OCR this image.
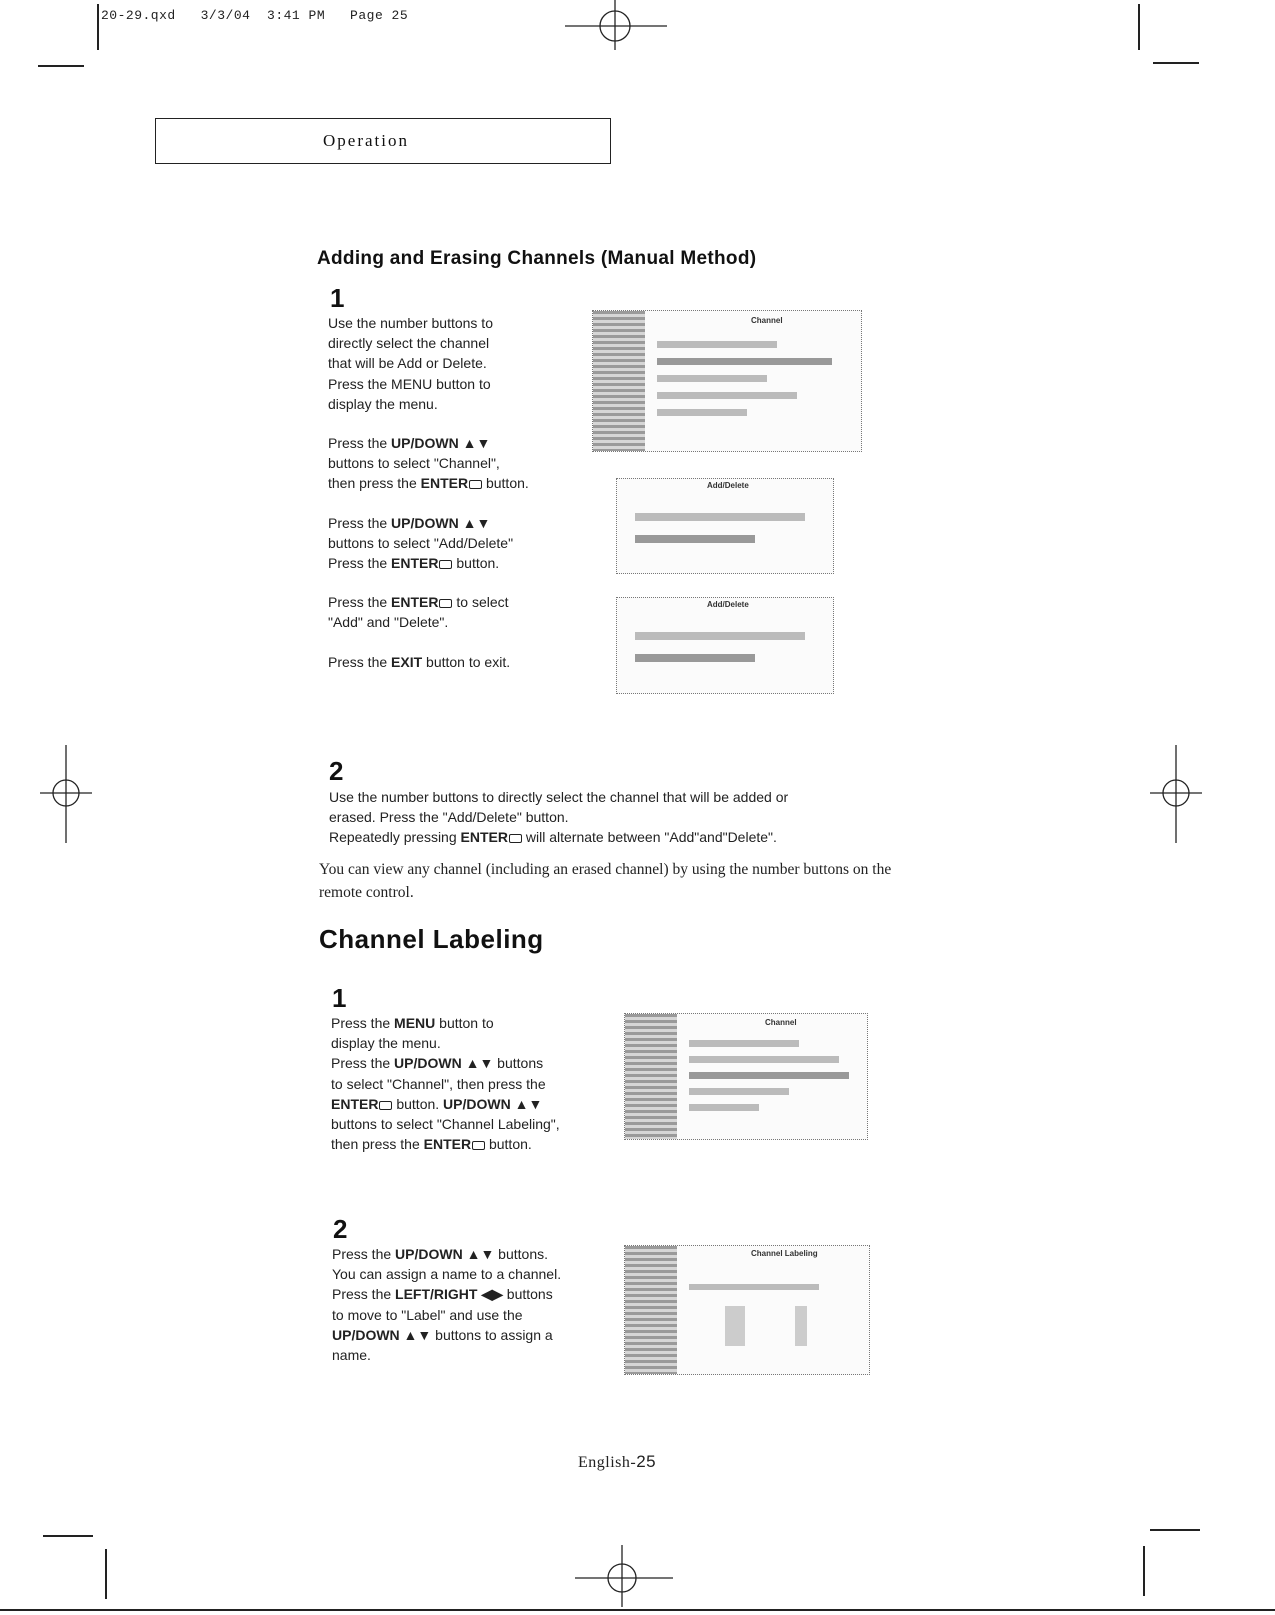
20-29.qxd   3/3/04  3:41 PM   Page 25
Operation
Adding and Erasing Channels (Manual Method)
1

Use the number buttons to
directly select the channel
that will be Add or Delete.
Press the MENU button to
display the menu.

Press the UP/DOWN ▲▼
buttons to select "Channel",
then press the ENTER button.

Press the UP/DOWN ▲▼
buttons to select "Add/Delete"
Press the ENTER button.

Press the ENTER to select
"Add" and "Delete".

Press the EXIT button to exit.

Channel
Add/Delete
Add/Delete
2
Use the number buttons to directly select the channel that will be added or
erased. Press the "Add/Delete" button.
Repeatedly pressing ENTER will alternate between "Add"and"Delete".
You can view any channel (including an erased channel) by using the number buttons on the remote control.
Channel Labeling
1
Press the MENU button to
display the menu.
Press the UP/DOWN ▲▼ buttons
to select "Channel", then press the
ENTER button. UP/DOWN ▲▼
buttons to select "Channel Labeling",
then press the ENTER button.
Channel
2
Press the UP/DOWN ▲▼ buttons.
You can assign a name to a channel.
Press the LEFT/RIGHT ◀▶ buttons
to move to "Label" and use the
UP/DOWN ▲▼ buttons to assign a
name.
Channel Labeling
English-25
